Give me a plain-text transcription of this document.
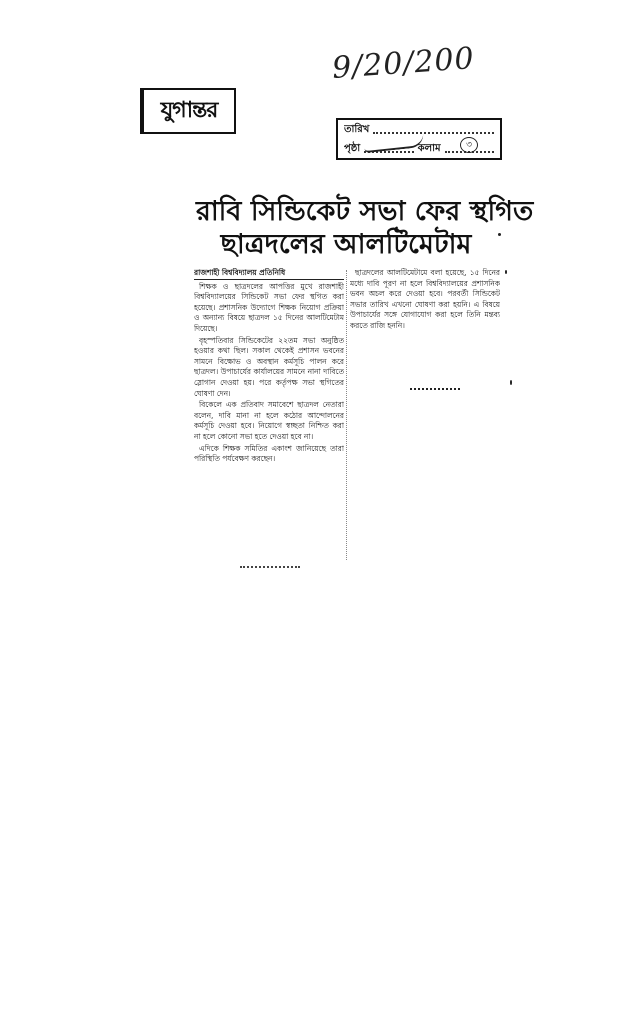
যুগান্তর
9/20/200
তারিখ
পৃষ্ঠা	কলাম	৩
রাবি সিন্ডিকেট সভা ফের স্থগিত
ছাত্রদলের আলটিমেটাম

রাজশাহী বিশ্ববিদ্যালয় প্রতিনিধি

শিক্ষক ও ছাত্রদলের আপত্তির মুখে রাজশাহী বিশ্ববিদ্যালয়ের সিন্ডিকেট সভা ফের স্থগিত করা হয়েছে। প্রশাসনিক উদ্যোগে শিক্ষক নিয়োগ প্রক্রিয়া ও অন্যান্য বিষয়ে ছাত্রদল ১৫ দিনের আলটিমেটাম দিয়েছে।

বৃহস্পতিবার সিন্ডিকেটের ২২তম সভা অনুষ্ঠিত হওয়ার কথা ছিল। সকাল থেকেই প্রশাসন ভবনের সামনে বিক্ষোভ ও অবস্থান কর্মসূচি পালন করে ছাত্রদল। উপাচার্যের কার্যালয়ের সামনে নানা দাবিতে স্লোগান দেওয়া হয়। পরে কর্তৃপক্ষ সভা স্থগিতের ঘোষণা দেন।

বিকেলে এক প্রতিবাদ সমাবেশে ছাত্রদল নেতারা বলেন, দাবি মানা না হলে কঠোর আন্দোলনের কর্মসূচি দেওয়া হবে। নিয়োগে স্বচ্ছতা নিশ্চিত করা না হলে কোনো সভা হতে দেওয়া হবে না।

এদিকে শিক্ষক সমিতির একাংশ জানিয়েছে তারা পরিস্থিতি পর্যবেক্ষণ করছেন।

ছাত্রদলের আলটিমেটামে বলা হয়েছে, ১৫ দিনের মধ্যে দাবি পূরণ না হলে বিশ্ববিদ্যালয়ের প্রশাসনিক ভবন অচল করে দেওয়া হবে। পরবর্তী সিন্ডিকেট সভার তারিখ এখনো ঘোষণা করা হয়নি। এ বিষয়ে উপাচার্যের সঙ্গে যোগাযোগ করা হলে তিনি মন্তব্য করতে রাজি হননি।
